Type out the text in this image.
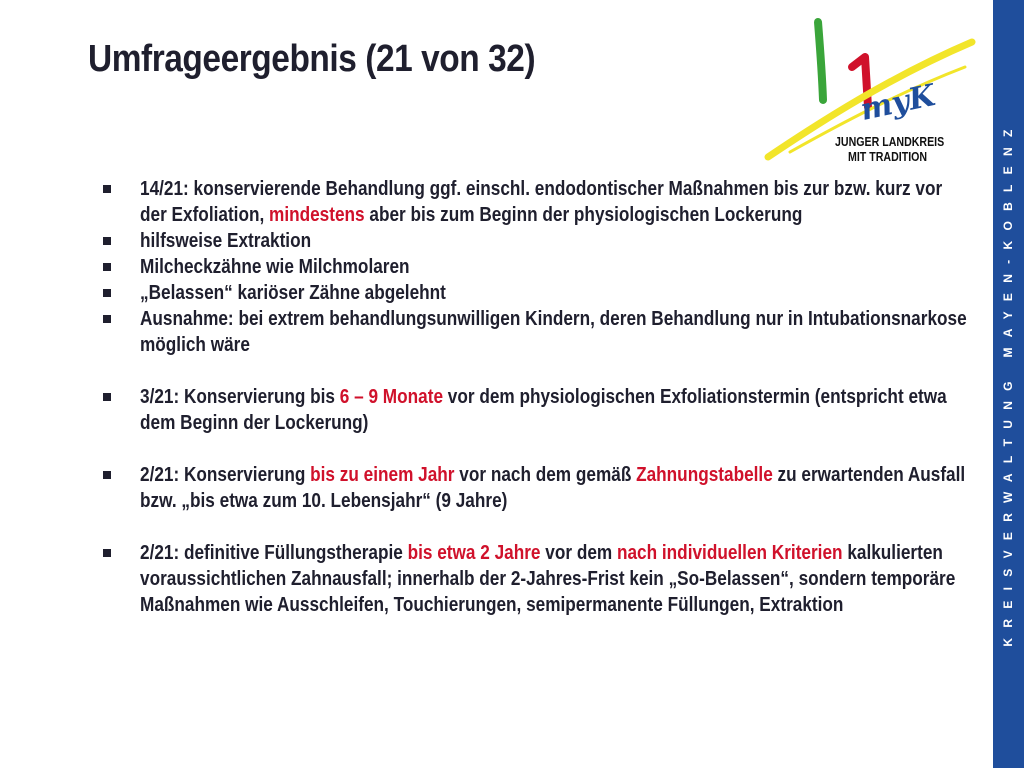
Umfrageergebnis (21 von 32)
myK
JUNGER LANDKREIS
MIT TRADITION	KREISVERWALTUNG MAYEN-KOBLENZ
14/21: konservierende Behandlung ggf. einschl. endodontischer Maßnahmen bis zur bzw. kurz vor der Exfoliation, mindestens aber bis zum Beginn der physiologischen Lockerung
hilfsweise Extraktion
Milcheckzähne wie Milchmolaren
„Belassen“ kariöser Zähne abgelehnt
Ausnahme: bei extrem behandlungsunwilligen Kindern, deren Behandlung nur in Intubationsnarkose möglich wäre
3/21: Konservierung bis 6 – 9 Monate vor dem physiologischen Exfoliationstermin (entspricht etwa dem Beginn der Lockerung)
2/21: Konservierung bis zu einem Jahr vor nach dem gemäß Zahnungstabelle zu erwartenden Ausfall bzw. „bis etwa zum 10. Lebensjahr“ (9 Jahre)
2/21: definitive Füllungstherapie bis etwa 2 Jahre vor dem nach individuellen Kriterien kalkulierten voraussichtlichen Zahnausfall; innerhalb der 2-Jahres-Frist kein „So-Belassen“, sondern temporäre Maßnahmen wie Ausschleifen, Touchierungen, semipermanente Füllungen, Extraktion
